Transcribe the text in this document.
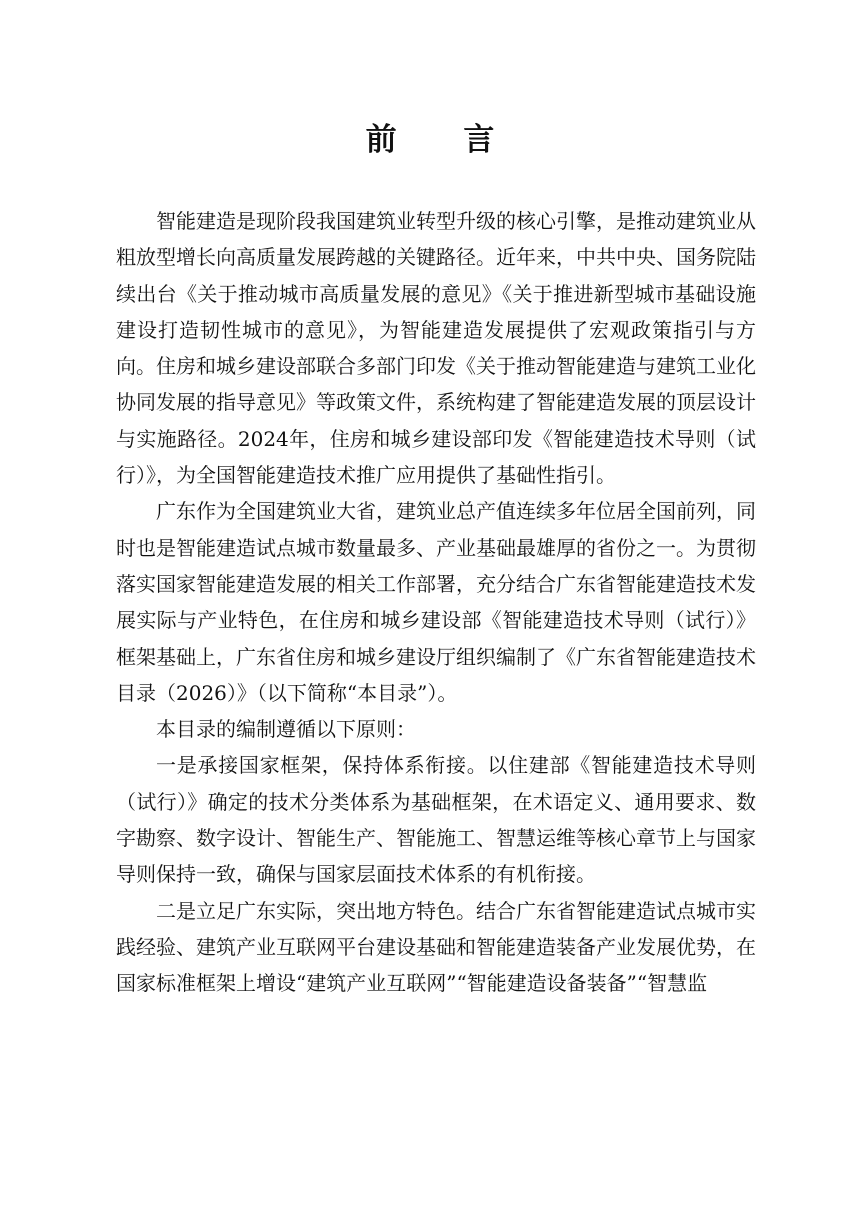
前 言

智能建造是现阶段我国建筑业转型升级的核心引擎，是推动建筑业从粗放型增长向高质量发展跨越的关键路径。近年来，中共中央、国务院陆续出台《关于推动城市高质量发展的意见》《关于推进新型城市基础设施建设打造韧性城市的意见》，为智能建造发展提供了宏观政策指引与方向。住房和城乡建设部联合多部门印发《关于推动智能建造与建筑工业化协同发展的指导意见》等政策文件，系统构建了智能建造发展的顶层设计与实施路径。2024年，住房和城乡建设部印发《智能建造技术导则（试行）》，为全国智能建造技术推广应用提供了基础性指引。

广东作为全国建筑业大省，建筑业总产值连续多年位居全国前列，同时也是智能建造试点城市数量最多、产业基础最雄厚的省份之一。为贯彻落实国家智能建造发展的相关工作部署，充分结合广东省智能建造技术发展实际与产业特色，在住房和城乡建设部《智能建造技术导则（试行）》框架基础上，广东省住房和城乡建设厅组织编制了《广东省智能建造技术目录（2026）》（以下简称“本目录”）。

本目录的编制遵循以下原则：

一是承接国家框架，保持体系衔接。以住建部《智能建造技术导则（试行）》确定的技术分类体系为基础框架，在术语定义、通用要求、数字勘察、数字设计、智能生产、智能施工、智慧运维等核心章节上与国家导则保持一致，确保与国家层面技术体系的有机衔接。

二是立足广东实际，突出地方特色。结合广东省智能建造试点城市实践经验、建筑产业互联网平台建设基础和智能建造装备产业发展优势，在国家标准框架上增设“建筑产业互联网”“智能建造设备装备”“智慧监
